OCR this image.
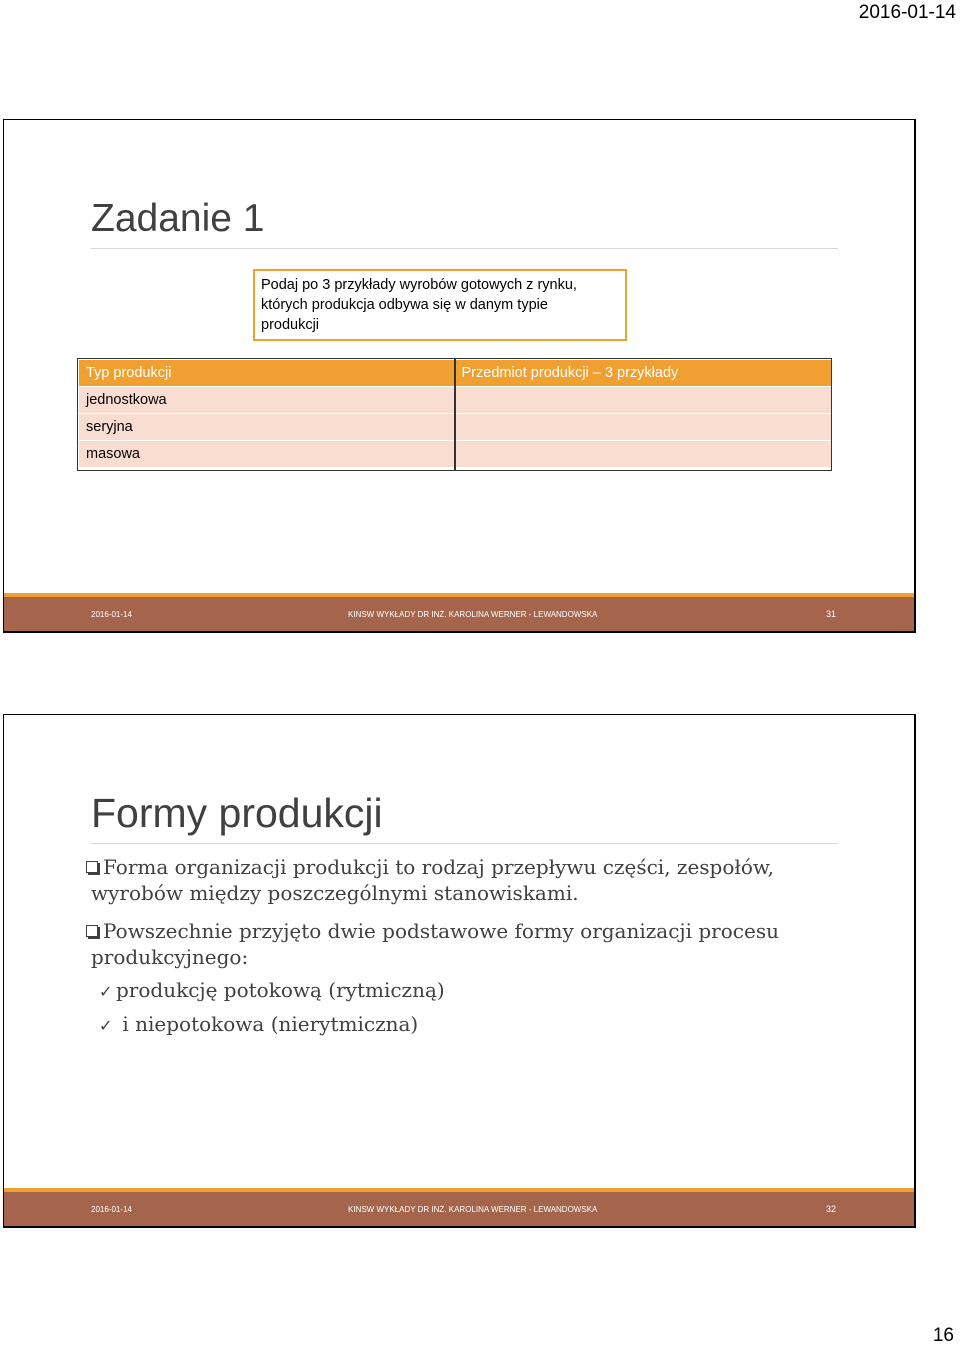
2016-01-14
Zadanie 1
Podaj po 3 przykłady wyrobów gotowych z rynku,
których produkcja odbywa się w danym typie
produkcji
Typ produkcji	Przedmiot produkcji – 3 przykłady
jednostkowa	
seryjna	
masowa	
2016-01-14	KINSW WYKŁADY DR INŻ. KAROLINA WERNER - LEWANDOWSKA	31
Formy produkcji
Forma organizacji produkcji to rodzaj przepływu części, zespołów,
wyrobów między poszczególnymi stanowiskami.
Powszechnie przyjęto dwie podstawowe formy organizacji procesu
produkcyjnego:
✓ produkcję potokową (rytmiczną)
✓ i niepotokowa (nierytmiczna)
2016-01-14	KINSW WYKŁADY DR INŻ. KAROLINA WERNER - LEWANDOWSKA	32
16
